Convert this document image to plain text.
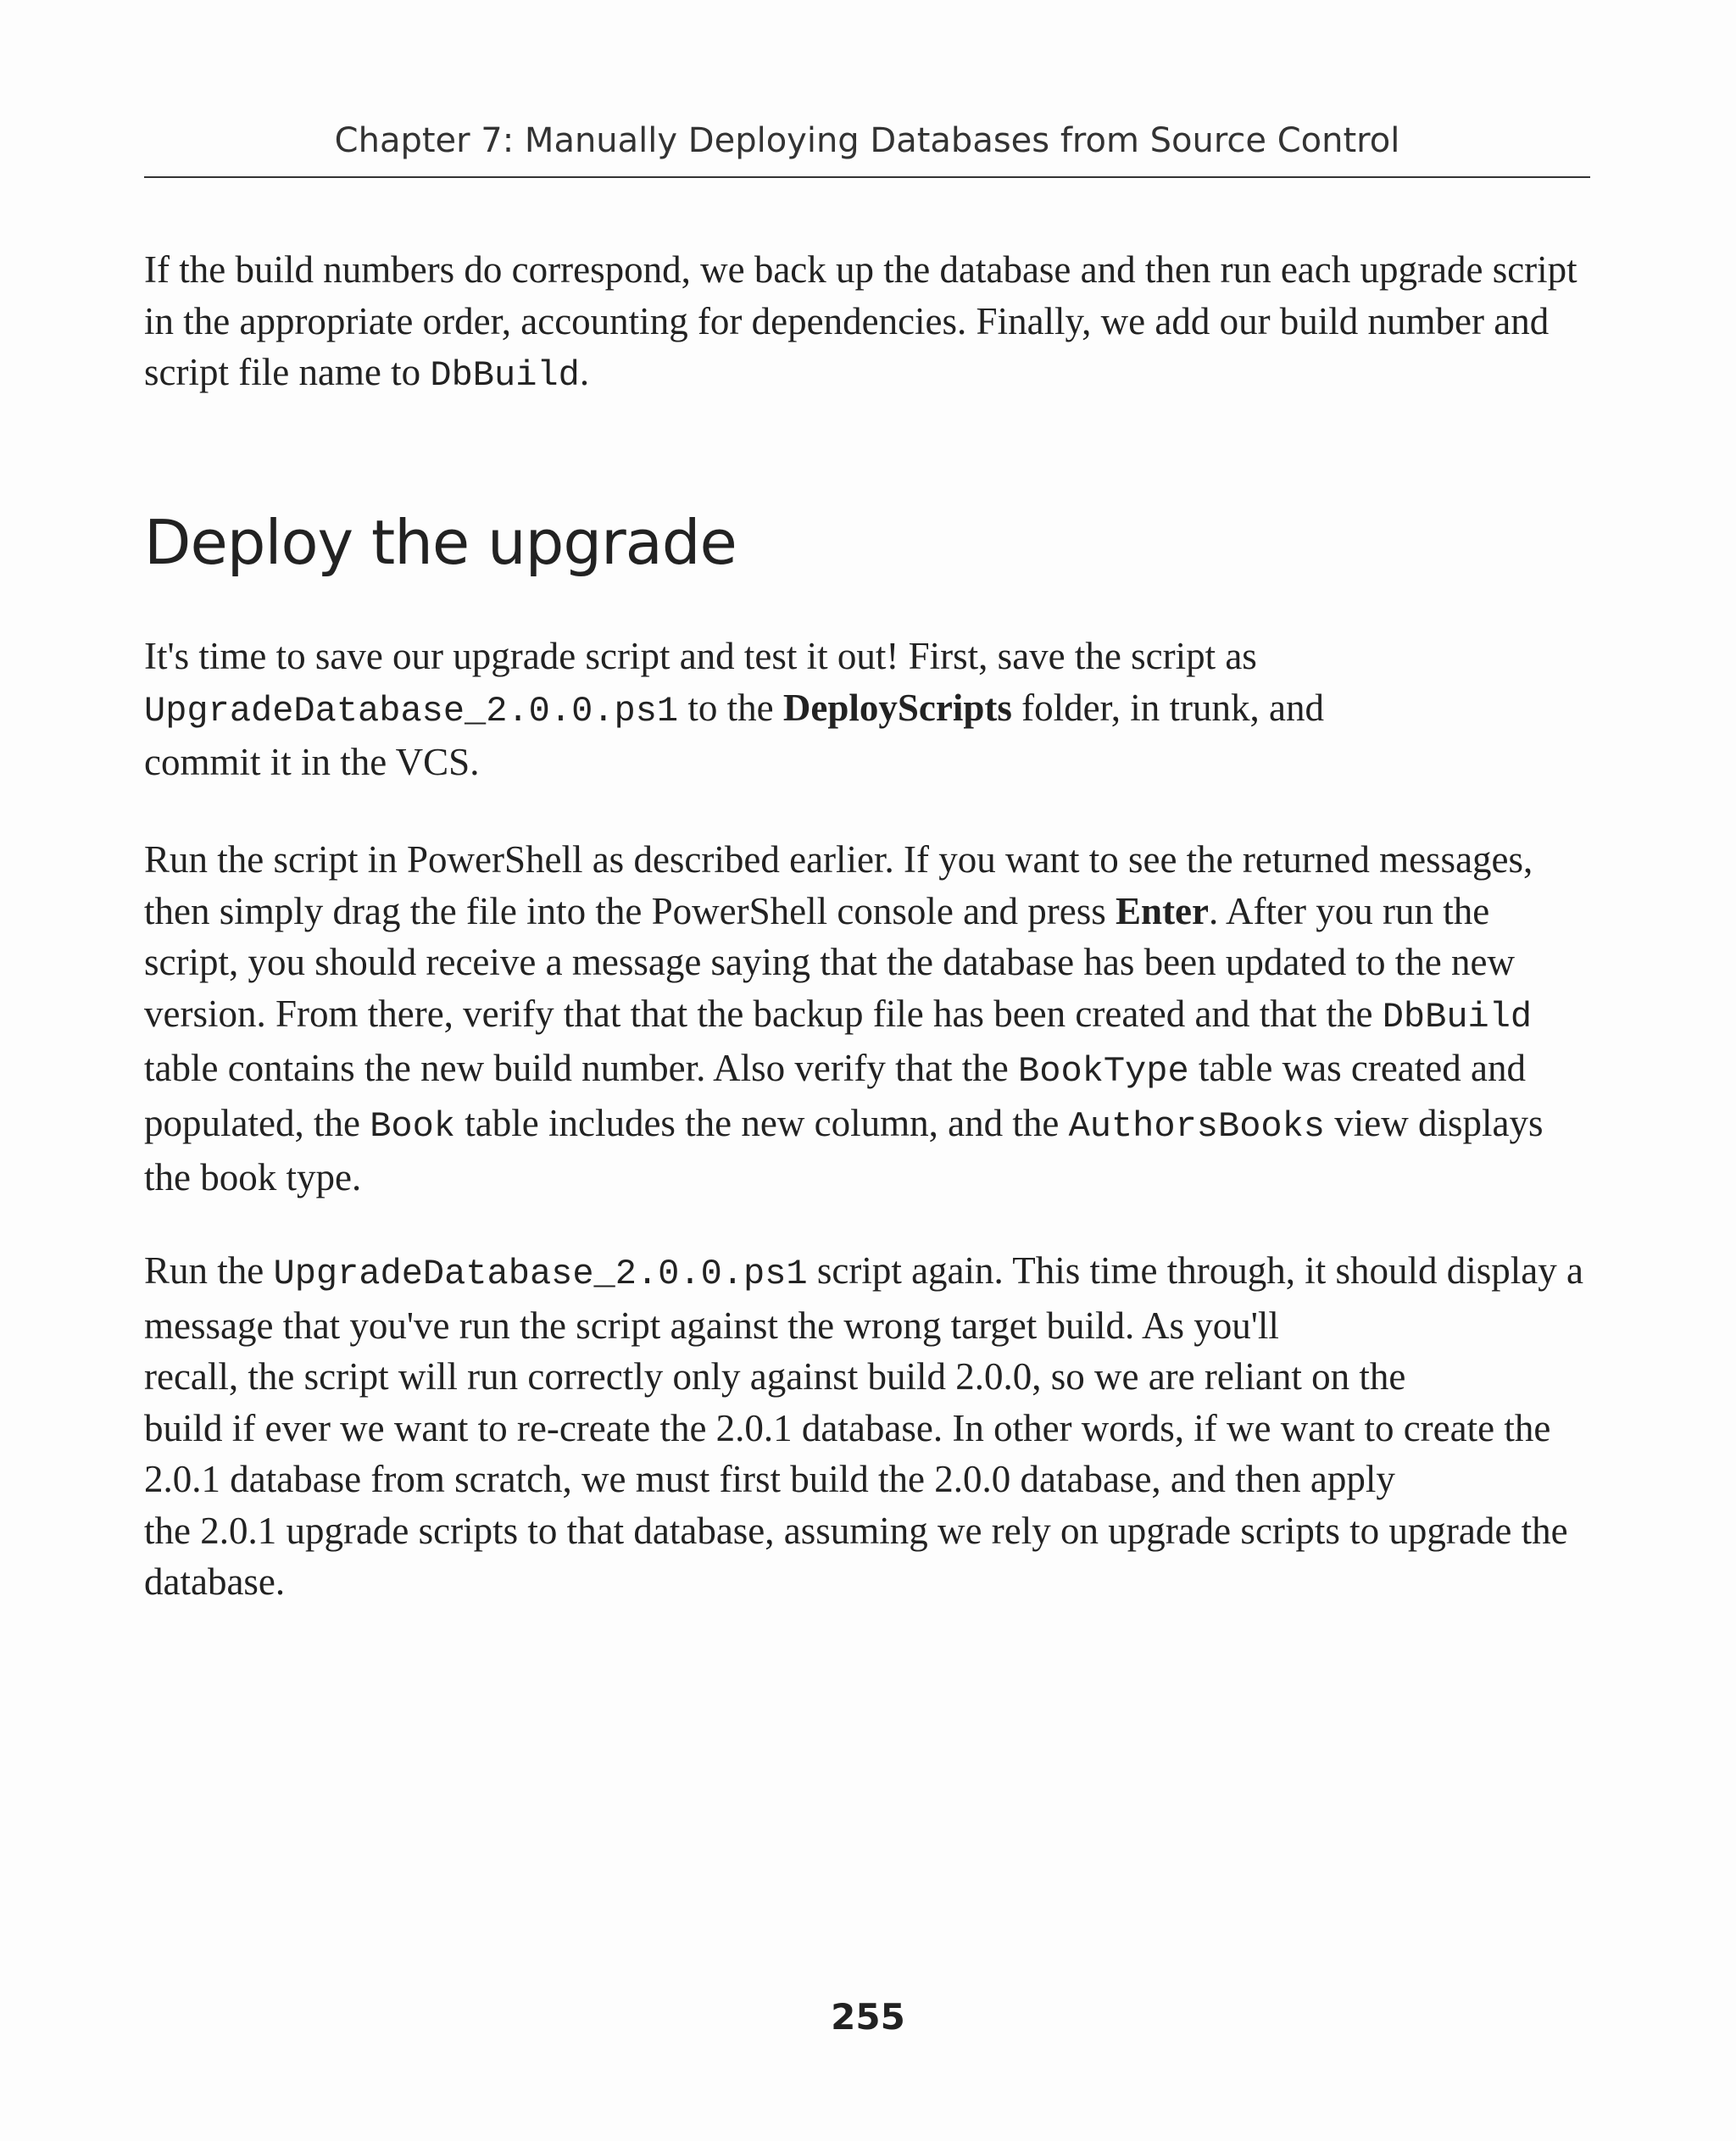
Chapter 7: Manually Deploying Databases from Source Control

If the build numbers do correspond, we back up the database and then run each upgrade script in the appropriate order, accounting for dependencies. Finally, we add our build number and script file name to DbBuild.

Deploy the upgrade

It's time to save our upgrade script and test it out! First, save the script as
UpgradeDatabase_2.0.0.ps1 to the DeployScripts folder, in trunk, and
commit it in the VCS.

Run the script in PowerShell as described earlier. If you want to see the returned messages, then simply drag the file into the PowerShell console and press Enter. After you run the script, you should receive a message saying that the database has been updated to the new version. From there, verify that that the backup file has been created and that the DbBuild table contains the new build number. Also verify that the BookType table was created and populated, the Book table includes the new column, and the AuthorsBooks view displays the book type.

Run the UpgradeDatabase_2.0.0.ps1 script again. This time through, it should display a message that you've run the script against the wrong target build. As you'll
recall, the script will run correctly only against build 2.0.0, so we are reliant on the
build if ever we want to re-create the 2.0.1 database. In other words, if we want to create the 2.0.1 database from scratch, we must first build the 2.0.0 database, and then apply
the 2.0.1 upgrade scripts to that database, assuming we rely on upgrade scripts to upgrade the database.

255
